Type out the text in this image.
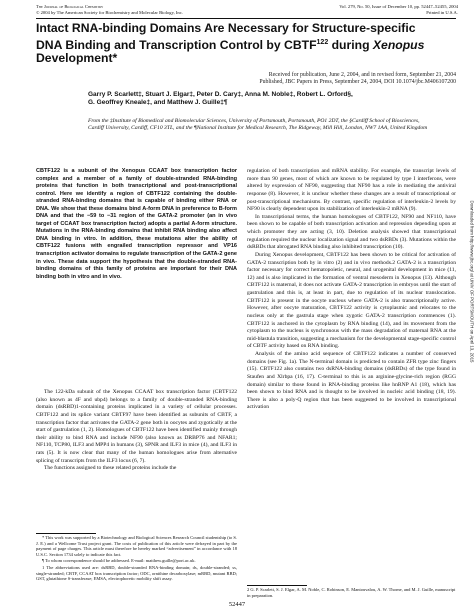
The Journal of Biological Chemistry
© 2004 by The American Society for Biochemistry and Molecular Biology, Inc.
Vol. 279, No. 50, Issue of December 10, pp. 52447–52455, 2004
Printed in U.S.A.
Intact RNA-binding Domains Are Necessary for Structure-specific DNA Binding and Transcription Control by CBTF$^{122}$ during Xenopus Development*
Received for publication, June 2, 2004, and in revised form, September 21, 2004
Published, JBC Papers in Press, September 24, 2004, DOI 10.1074/jbc.M406107200
Garry P. Scarlett‡, Stuart J. Elgar‡, Peter D. Cary‡, Anna M. Noble‡, Robert L. Orford§,
G. Geoffrey Kneale‡, and Matthew J. Guille‡¶
From the ‡Institute of Biomedical and Biomolecular Sciences, University of Portsmouth, Portsmouth, PO1 2DT, the §Cardiff School of Biosciences, Cardiff University, Cardiff, CF10 3TL, and the ¶National Institute for Medical Research, The Ridgeway, Mill Hill, London, NW7 1AA, United Kingdom
CBTF122 is a subunit of the Xenopus CCAAT box transcription factor complex and a member of a family of double-stranded RNA-binding proteins that function in both transcriptional and post-transcriptional control. Here we identify a region of CBTF122 containing the double-stranded RNA-binding domains that is capable of binding either RNA or DNA. We show that these domains bind A-form DNA in preference to B-form DNA and that the −59 to −31 region of the GATA-2 promoter (an in vivo target of CCAAT box transcription factor) adopts a partial A-form structure. Mutations in the RNA-binding domains that inhibit RNA binding also affect DNA binding in vitro. In addition, these mutations alter the ability of CBTF122 fusions with engrailed transcription repressor and VP16 transcription activator domains to regulate transcription of the GATA-2 gene in vivo. These data support the hypothesis that the double-stranded RNA-binding domains of this family of proteins are important for their DNA binding both in vitro and in vivo.

The 122-kDa subunit of the Xenopus CCAAT box transcription factor (CBTF122 (also known as 4F and ubp4) belongs to a family of double-stranded RNA-binding domain (dsRBD)1-containing proteins implicated in a variety of cellular processes. CBTF122 and its splice variant CBTF97 have been identified as subunits of CBTF, a transcription factor that activates the GATA-2 gene both in oocytes and zygotically at the start of gastrulation (1, 2). Homologues of CBTF122 have been identified mainly through their ability to bind RNA and include NF90 (also known as DRBP76 and NFAR1; NF110, TCP80, ILF3 and MPP4 in humans (3), SPNR and ILF3 in mice (4), and ILF3 in rats (5). It is now clear that many of the human homologues arise from alternative splicing of transcripts from the ILF3 locus (6, 7).

The functions assigned to these related proteins include the

regulation of both transcription and mRNA stability. For example, the transcript levels of more than 90 genes, most of which are known to be regulated by type I interferons, were altered by expression of NF90, suggesting that NF90 has a role in mediating the antiviral response (8). However, it is unclear whether these changes are a result of transcriptional or post-transcriptional mechanisms. By contrast, specific regulation of interleukin-2 levels by NF90 is clearly dependent upon its stabilization of interleukin-2 mRNA (9).

In transcriptional terms, the human homologues of CBTF122, NF90 and NF110, have been shown to be capable of both transcription activation and repression depending upon at which promoter they are acting (3, 10). Deletion analysis showed that transcriptional regulation required the nuclear localization signal and two dsRBDs (3). Mutations within the dsRBDs that abrogated RNA binding also inhibited transcription (10).

During Xenopus development, CBTF122 has been shown to be critical for activation of GATA-2 transcription both by in vitro (2) and in vivo methods.2 GATA-2 is a transcription factor necessary for correct hematopoietic, neural, and urogenital development in mice (11, 12) and is also implicated in the formation of ventral mesoderm in Xenopus (13). Although CBTF122 is maternal, it does not activate GATA-2 transcription in embryos until the start of gastrulation and this is, at least in part, due to regulation of its nuclear translocation. CBTF122 is present in the oocyte nucleus where GATA-2 is also transcriptionally active. However, after oocyte maturation, CBTF122 activity is cytoplasmic and relocates to the nucleus only at the gastrula stage when zygotic GATA-2 transcription commences (1). CBTF122 is anchored in the cytoplasm by RNA binding (14), and its movement from the cytoplasm to the nucleus is synchronous with the mass degradation of maternal RNA at the mid-blastula transition, suggesting a mechanism for the developmental stage-specific control of CBTF activity based on RNA binding.

Analysis of the amino acid sequence of CBTF122 indicates a number of conserved domains (see Fig. 1a). The N-terminal domain is predicted to contain ZFR type zinc fingers (15). CBTF122 also contains two dsRNA-binding domains (dsRBDs) of the type found in Staufen and Xlrbpa (16, 17). C-terminal to this is an arginine-glycine-rich region (RGG domain) similar to those found in RNA-binding proteins like hnRNP A1 (18), which has been shown to bind RNA and is thought to be involved in nucleic acid binding (18, 19). There is also a poly-Q region that has been suggested to be involved in transcriptional activation

* This work was supported by a Biotechnology and Biological Sciences Research Council studentship (to S. J. E.) and a Wellcome Trust project grant. The costs of publication of this article were defrayed in part by the payment of page charges. This article must therefore be hereby marked “advertisement” in accordance with 18 U.S.C. Section 1734 solely to indicate this fact.

¶ To whom correspondence should be addressed. E-mail: matthew.guille@port.ac.uk.

1 The abbreviations used are: dsRBD, double-stranded RNA-binding domain; ds, double-stranded; ss, single-stranded; CBTF, CCAAT box transcription factor; ODC, ornithine decarboxylase; mRBD, mutant RBD; GST, glutathione S-transferase; EMSA, electrophoretic mobility shift assay.

2 G. P. Scarlett, S. J. Elgar, A. M. Noble, C. Robinson, E. Mantouvalou, A. W. Thorne, and M. J. Guille, manuscript in preparation.
52447
Downloaded from http://www.jbc.org/ at UNIV OF PORTSMOUTH on April 13, 2015
